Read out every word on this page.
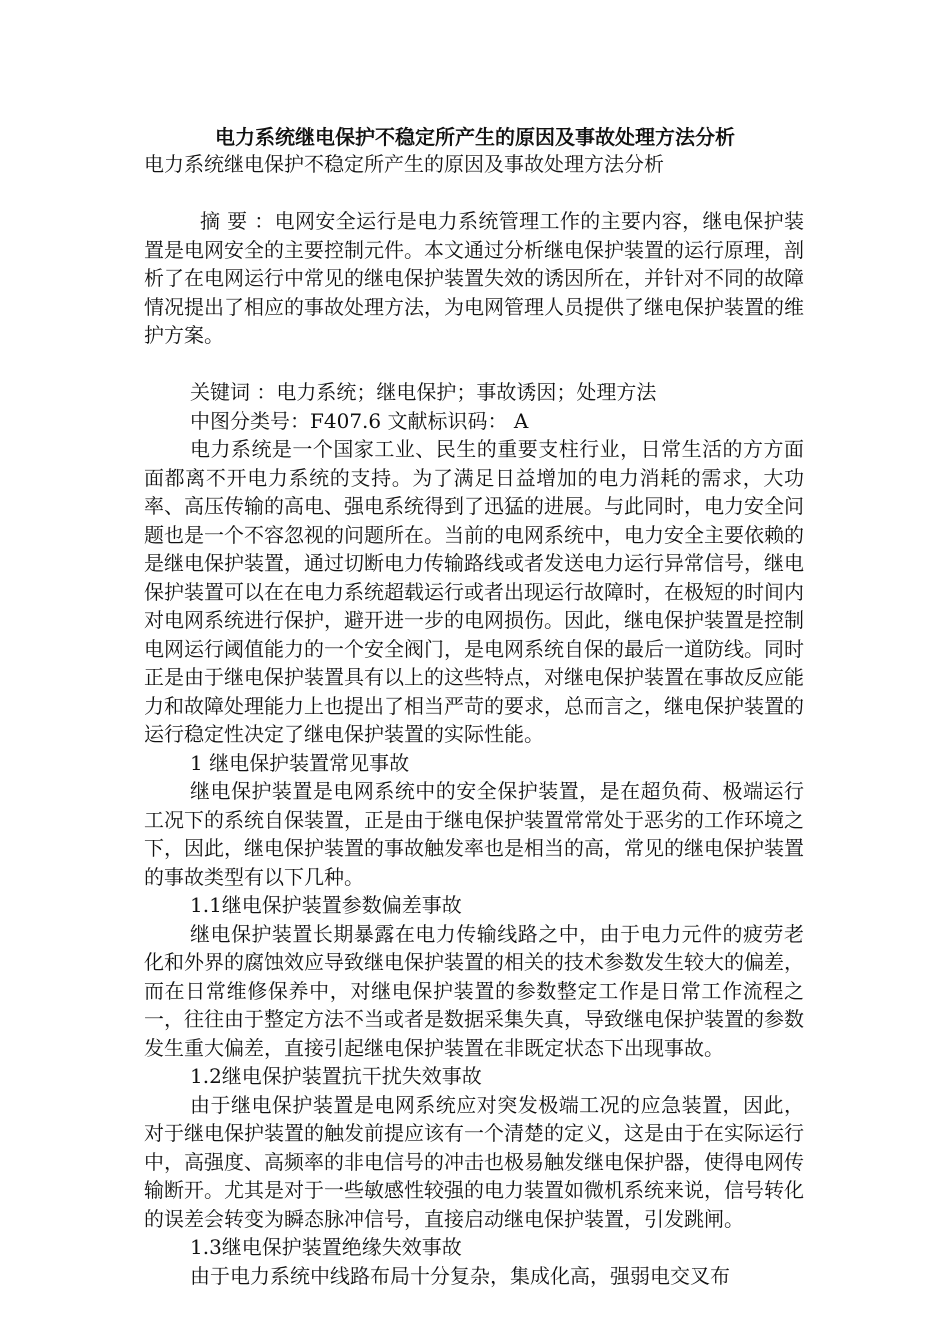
电力系统继电保护不稳定所产生的原因及事故处理方法分析

电力系统继电保护不稳定所产生的原因及事故处理方法分析

摘 要 ：电网安全运行是电力系统管理工作的主要内容，继电保护装置是电网安全的主要控制元件。本文通过分析继电保护装置的运行原理，剖析了在电网运行中常见的继电保护装置失效的诱因所在，并针对不同的故障情况提出了相应的事故处理方法，为电网管理人员提供了继电保护装置的维护方案。

关键词 ：电力系统；继电保护；事故诱因；处理方法

中图分类号：F407.6 文献标识码： A

电力系统是一个国家工业、民生的重要支柱行业，日常生活的方方面面都离不开电力系统的支持。为了满足日益增加的电力消耗的需求，大功率、高压传输的高电、强电系统得到了迅猛的进展。与此同时，电力安全问题也是一个不容忽视的问题所在。当前的电网系统中，电力安全主要依赖的是继电保护装置，通过切断电力传输路线或者发送电力运行异常信号，继电保护装置可以在在电力系统超载运行或者出现运行故障时，在极短的时间内对电网系统进行保护，避开进一步的电网损伤。因此，继电保护装置是控制电网运行阈值能力的一个安全阀门，是电网系统自保的最后一道防线。同时正是由于继电保护装置具有以上的这些特点，对继电保护装置在事故反应能力和故障处理能力上也提出了相当严苛的要求，总而言之，继电保护装置的运行稳定性决定了继电保护装置的实际性能。

1 继电保护装置常见事故

继电保护装置是电网系统中的安全保护装置，是在超负荷、极端运行工况下的系统自保装置，正是由于继电保护装置常常处于恶劣的工作环境之下，因此，继电保护装置的事故触发率也是相当的高，常见的继电保护装置的事故类型有以下几种。

1.1继电保护装置参数偏差事故

继电保护装置长期暴露在电力传输线路之中，由于电力元件的疲劳老化和外界的腐蚀效应导致继电保护装置的相关的技术参数发生较大的偏差，而在日常维修保养中，对继电保护装置的参数整定工作是日常工作流程之一，往往由于整定方法不当或者是数据采集失真，导致继电保护装置的参数发生重大偏差，直接引起继电保护装置在非既定状态下出现事故。

1.2继电保护装置抗干扰失效事故

由于继电保护装置是电网系统应对突发极端工况的应急装置，因此，对于继电保护装置的触发前提应该有一个清楚的定义，这是由于在实际运行中，高强度、高频率的非电信号的冲击也极易触发继电保护器，使得电网传输断开。尤其是对于一些敏感性较强的电力装置如微机系统来说，信号转化的误差会转变为瞬态脉冲信号，直接启动继电保护装置，引发跳闸。

1.3继电保护装置绝缘失效事故

由于电力系统中线路布局十分复杂，集成化高，强弱电交叉布
